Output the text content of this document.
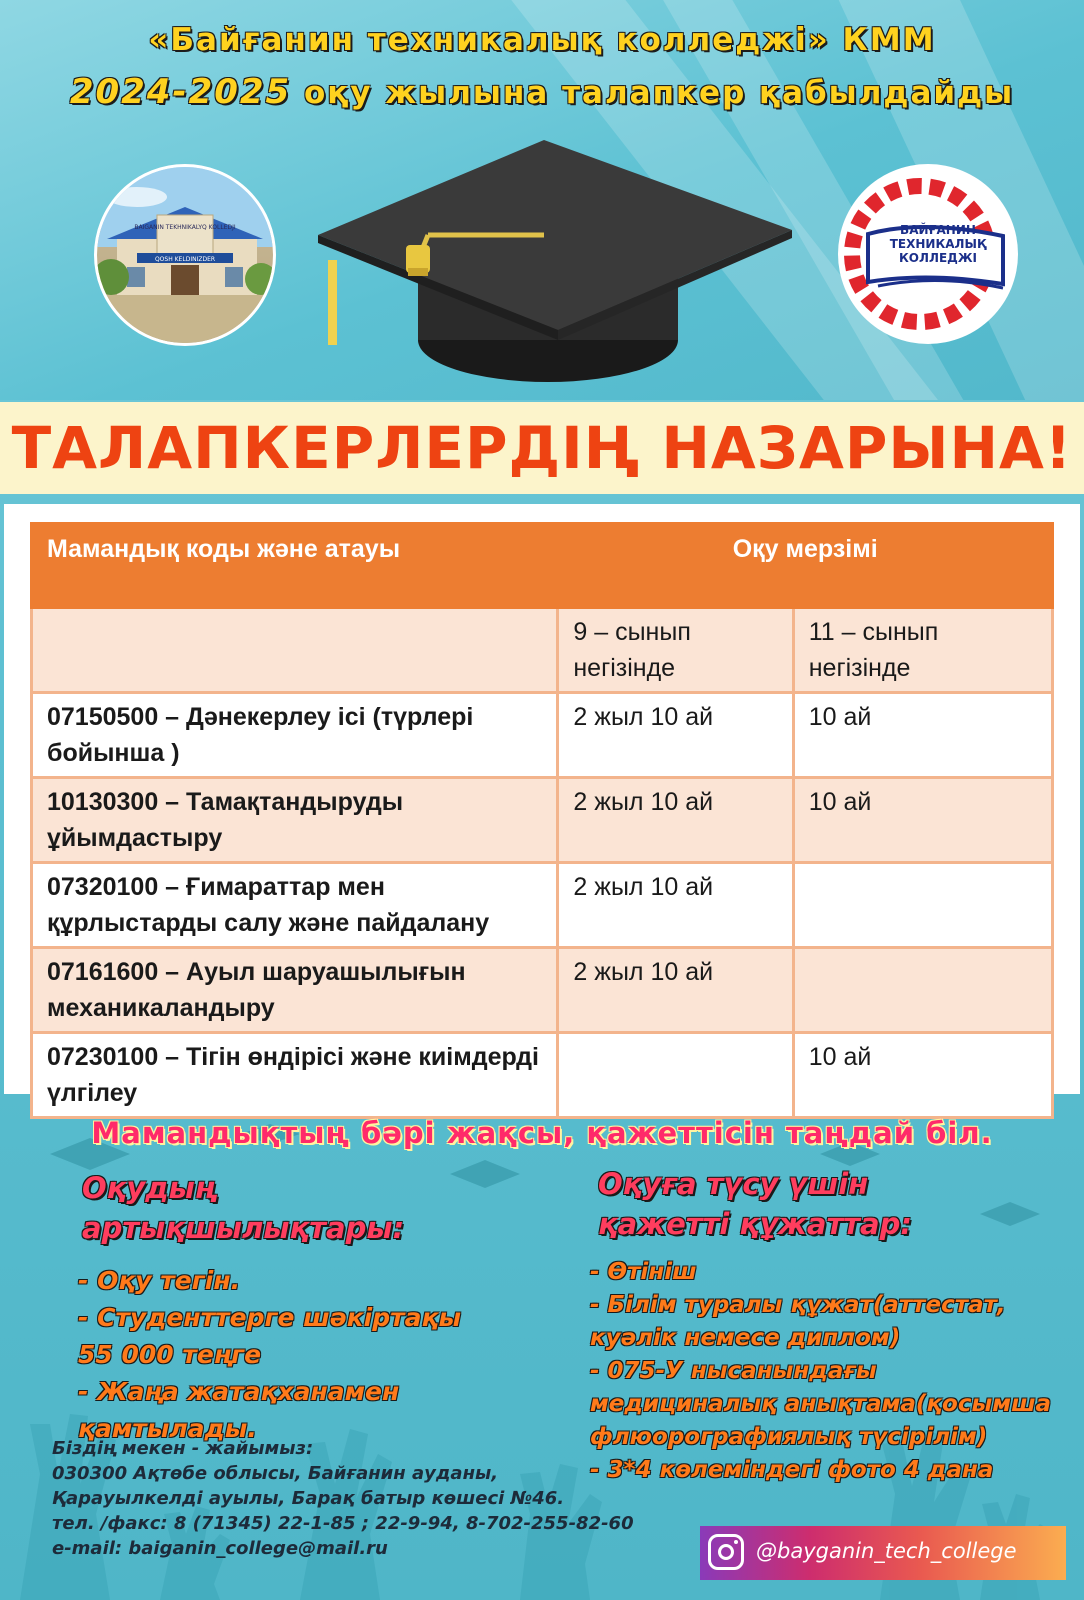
«Байғанин техникалық колледжі» КММ
2024-2025 оқу жылына талапкер қабылдайды
BAIGANIN TEKHNIKALYQ KOLLEDJI
QOSH KELDINIZDER
БАЙҒАНИН
ТЕХНИКАЛЫҚ
КОЛЛЕДЖІ
ТАЛАПКЕРЛЕРДІҢ НАЗАРЫНА!
Мамандық коды және атауы	Оқу мерзімі	
	9 – сынып негізінде	11 – сынып негізінде
07150500 – Дәнекерлеу ісі (түрлері бойынша )	2 жыл 10 ай	10 ай
10130300 – Тамақтандыруды ұйымдастыру	2 жыл 10 ай	10 ай
07320100 – Ғимараттар мен құрлыстарды салу және пайдалану	2 жыл 10 ай	
07161600 – Ауыл шаруашылығын механикаландыру	2 жыл 10 ай	
07230100 – Тігін өндірісі және киімдерді үлгілеу		10 ай
Мамандықтың бәрі жақсы, қажеттісін таңдай біл.
Оқудың
артықшылықтары:
- Оқу тегін.
- Студенттерге шәкіртақы 55 000 теңге
- Жаңа жатақханамен қамтылады.
Оқуға түсу үшін
қажетті құжаттар:
- Өтініш
- Білім туралы құжат(аттестат, куәлік немесе диплом)
- 075-У нысанындағы медициналық анықтама(қосымша флюорографиялық түсірілім)
- 3*4 көлеміндегі фото 4 дана
Біздің мекен - жайымыз:
030300 Ақтөбе облысы, Байғанин ауданы,
Қарауылкелді ауылы, Барақ батыр көшесі №46.
тел. /факс: 8 (71345) 22-1-85 ; 22-9-94, 8-702-255-82-60
e-mail: baiganin_college@mail.ru	@bayganin_tech_college
